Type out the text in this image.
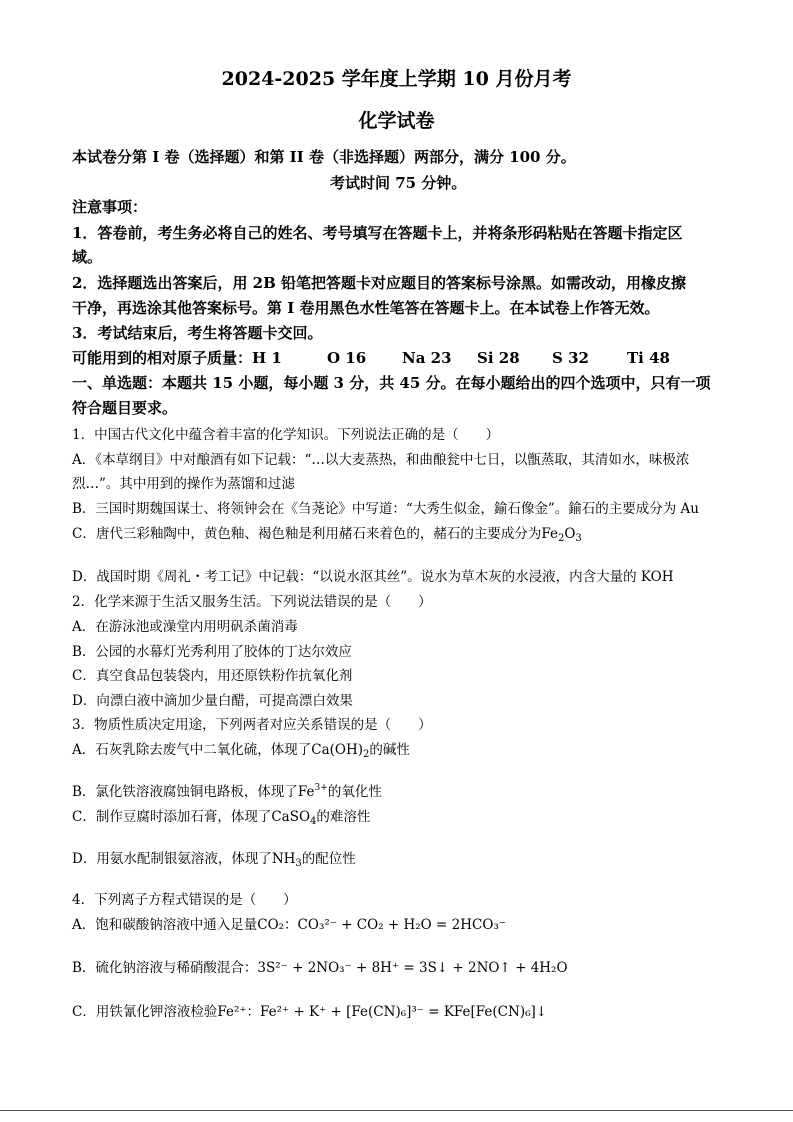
2024-2025 学年度上学期 10 月份月考
化学试卷
本试卷分第 I 卷（选择题）和第 II 卷（非选择题）两部分，满分 100 分。
考试时间 75 分钟。
注意事项：
1．答卷前，考生务必将自己的姓名、考号填写在答题卡上，并将条形码粘贴在答题卡指定区
域。
2．选择题选出答案后，用 2B 铅笔把答题卡对应题目的答案标号涂黑。如需改动，用橡皮擦
干净，再选涂其他答案标号。第 I 卷用黑色水性笔答在答题卡上。在本试卷上作答无效。
3．考试结束后，考生将答题卡交回。
可能用到的相对原子质量：H 1	O 16 Na 23 Si 28 S 32	Ti 48
一、单选题：本题共 15 小题，每小题 3 分，共 45 分。在每小题给出的四个选项中，只有一项
符合题目要求。
1．中国古代文化中蕴含着丰富的化学知识。下列说法正确的是（　　）
A．《本草纲目》中对酿酒有如下记载：“…以大麦蒸热，和曲酿瓮中七日，以甑蒸取，其清如水，味极浓
烈…”。其中用到的操作为蒸馏和过滤
B．三国时期魏国谋士、将领钟会在《刍荛论》中写道：“大秀生似金，鍮石像金”。鍮石的主要成分为 Au
C．唐代三彩釉陶中，黄色釉、褐色釉是利用赭石来着色的，赭石的主要成分为$Fe_2O_3$
D．战国时期《周礼・考工记》中记载：“以说水沤其丝”。说水为草木灰的水浸液，内含大量的 KOH
2．化学来源于生活又服务生活。下列说法错误的是（　　）
A．在游泳池或澡堂内用明矾杀菌消毒
B．公园的水幕灯光秀利用了胶体的丁达尔效应
C．真空食品包装袋内，用还原铁粉作抗氧化剂
D．向漂白液中滴加少量白醋，可提高漂白效果
3．物质性质决定用途，下列两者对应关系错误的是（　　）
A．石灰乳除去废气中二氧化硫，体现了$Ca(OH)_2$的碱性
B．氯化铁溶液腐蚀铜电路板，体现了$Fe^{3+}$的氧化性
C．制作豆腐时添加石膏，体现了CaSO$_4$的难溶性
D．用氨水配制银氨溶液，体现了$NH_3$的配位性
4．下列离子方程式错误的是（　　）
A．饱和碳酸钠溶液中通入足量CO₂：CO₃²⁻ + CO₂ + H₂O = 2HCO₃⁻
B．硫化钠溶液与稀硝酸混合：3S²⁻ + 2NO₃⁻ + 8H⁺ = 3S↓ + 2NO↑ + 4H₂O
C．用铁氰化钾溶液检验Fe²⁺：Fe²⁺ + K⁺ + [Fe(CN)₆]³⁻ = KFe[Fe(CN)₆]↓
